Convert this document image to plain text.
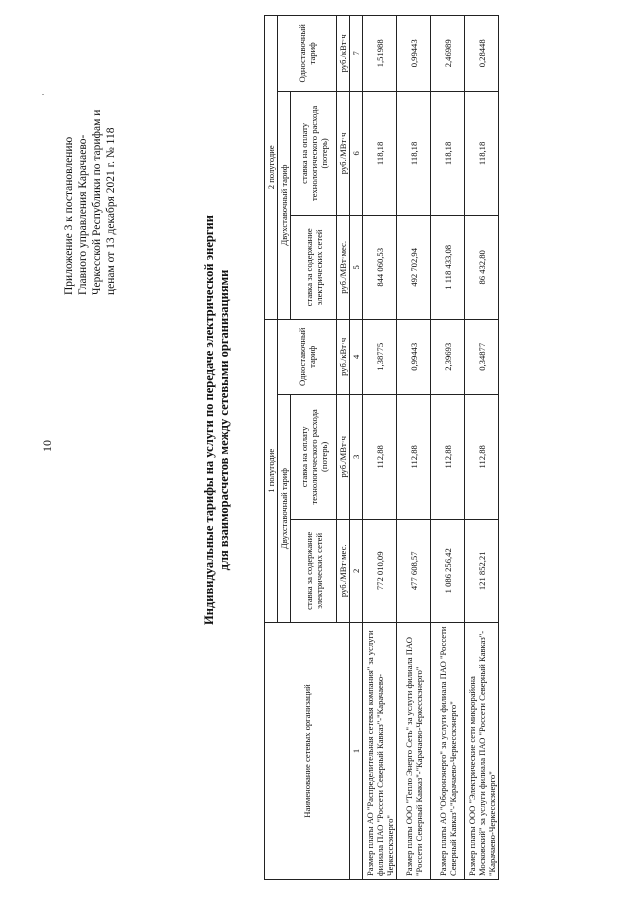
.
10
Приложение 3 к постановлению Главного управления Карачаево- Черкесской Республики по тарифам и ценам от 13 декабря 2021 г. № 118
Индивидуальные тарифы на услуги по передаче электрической энергии для взаиморасчетов между сетевыми организациями
Наименование сетевых организаций	1 полугодие			2 полугодие		
	Двухставочный тариф		Одноставочный тариф	Двухставочный тариф		Одноставочный тариф
	ставка за содержание электрических сетей	ставка на оплату технологического расхода (потерь)		ставка за содержание электрических сетей	ставка на оплату технологического расхода (потерь)	
	руб./МВт·мес.	руб./МВт·ч	руб./кВт·ч	руб./МВт·мес.	руб./МВт·ч	руб./кВт·ч
1	2	3	4	5	6	7
Размер платы АО "Распределительная сетевая компания" за услуги филиала ПАО "Россети Северный Кавказ"-"Карачаево-Черкесскэнерго"	772 010,09	112,88	1,38775	844 060,53	118,18	1,51988
Размер платы ООО "Тепло Энерго Сеть" за услуги филиала ПАО "Россети Северный Кавказ"-"Карачаево-Черкесскэнерго"	477 608,57	112,88	0,99443	492 702,94	118,18	0,99443
Размер платы АО "Оборонэнерго" за услуги филиала ПАО "Россети Северный Кавказ"-"Карачаево-Черкесскэнерго"	1 086 256,42	112,88	2,39693	1 118 433,08	118,18	2,46989
Размер платы ООО "Электрические сети микрорайона Московский" за услуги филиала ПАО "Россети Северный Кавказ"-"Карачаево-Черкесскэнерго"	121 852,21	112,88	0,34877	86 432,80	118,18	0,28448
